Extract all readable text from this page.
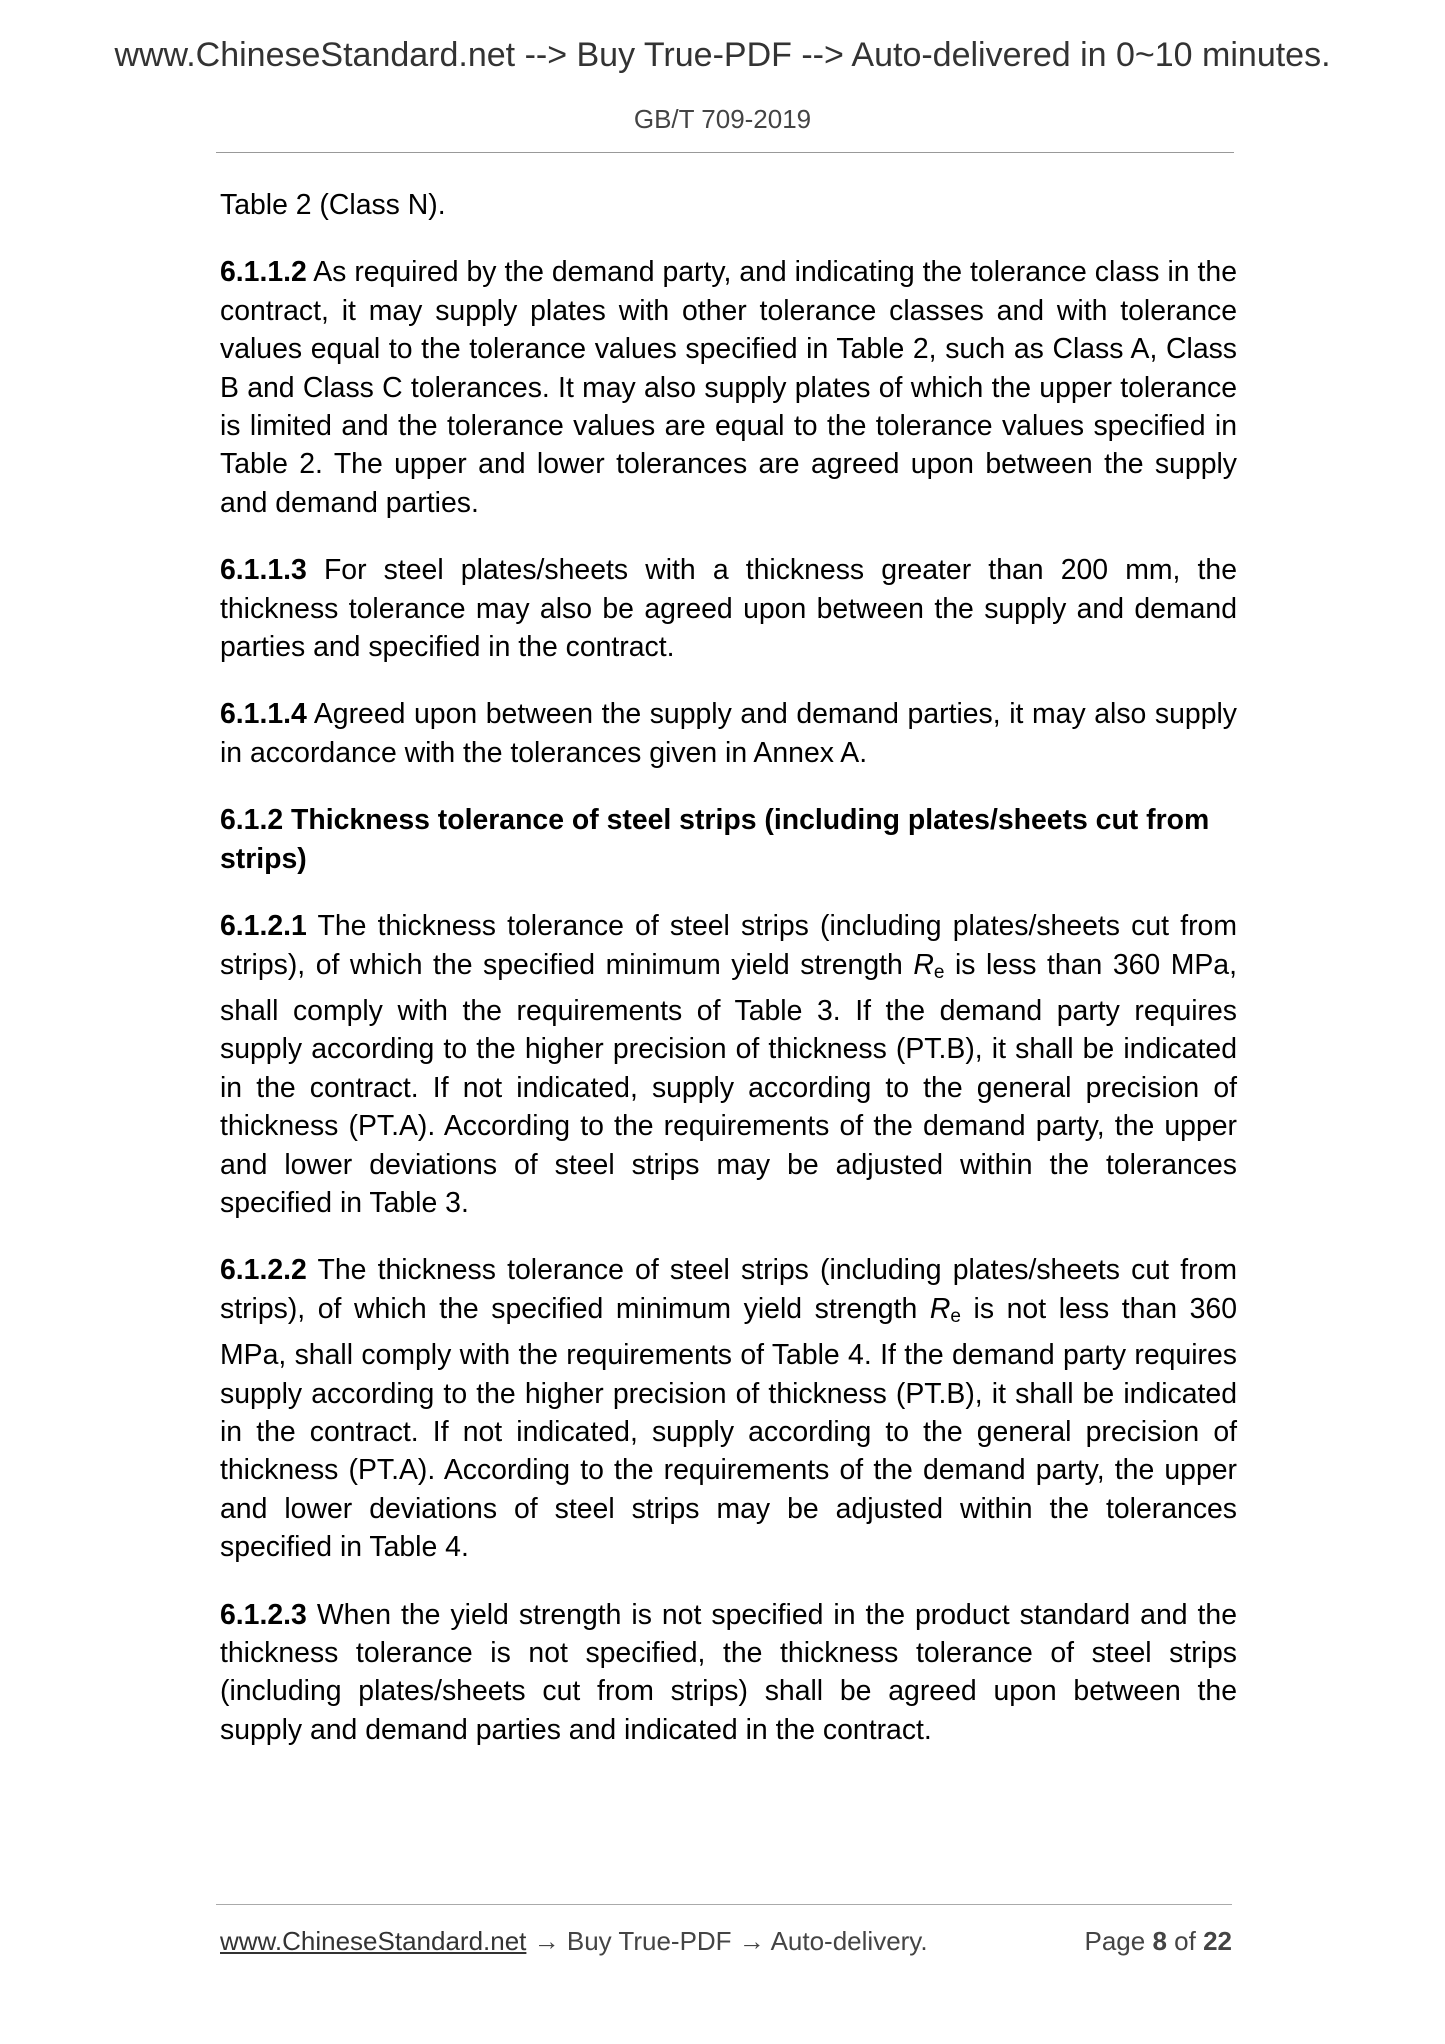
www.ChineseStandard.net --> Buy True-PDF --> Auto-delivered in 0~10 minutes.
GB/T 709-2019

Table 2 (Class N).

6.1.1.2 As required by the demand party, and indicating the tolerance class in the contract, it may supply plates with other tolerance classes and with tolerance values equal to the tolerance values specified in Table 2, such as Class A, Class B and Class C tolerances. It may also supply plates of which the upper tolerance is limited and the tolerance values are equal to the tolerance values specified in Table 2. The upper and lower tolerances are agreed upon between the supply and demand parties.

6.1.1.3 For steel plates/sheets with a thickness greater than 200 mm, the thickness tolerance may also be agreed upon between the supply and demand parties and specified in the contract.

6.1.1.4 Agreed upon between the supply and demand parties, it may also supply in accordance with the tolerances given in Annex A.

6.1.2 Thickness tolerance of steel strips (including plates/sheets cut from strips)

6.1.2.1 The thickness tolerance of steel strips (including plates/sheets cut from strips), of which the specified minimum yield strength $R_e$ is less than 360 MPa, shall comply with the requirements of Table 3. If the demand party requires supply according to the higher precision of thickness (PT.B), it shall be indicated in the contract. If not indicated, supply according to the general precision of thickness (PT.A). According to the requirements of the demand party, the upper and lower deviations of steel strips may be adjusted within the tolerances specified in Table 3.

6.1.2.2 The thickness tolerance of steel strips (including plates/sheets cut from strips), of which the specified minimum yield strength $R_e$ is not less than 360 MPa, shall comply with the requirements of Table 4. If the demand party requires supply according to the higher precision of thickness (PT.B), it shall be indicated in the contract. If not indicated, supply according to the general precision of thickness (PT.A). According to the requirements of the demand party, the upper and lower deviations of steel strips may be adjusted within the tolerances specified in Table 4.

6.1.2.3 When the yield strength is not specified in the product standard and the thickness tolerance is not specified, the thickness tolerance of steel strips (including plates/sheets cut from strips) shall be agreed upon between the supply and demand parties and indicated in the contract.

www.ChineseStandard.net → Buy True-PDF → Auto-delivery.	Page 8 of 22
